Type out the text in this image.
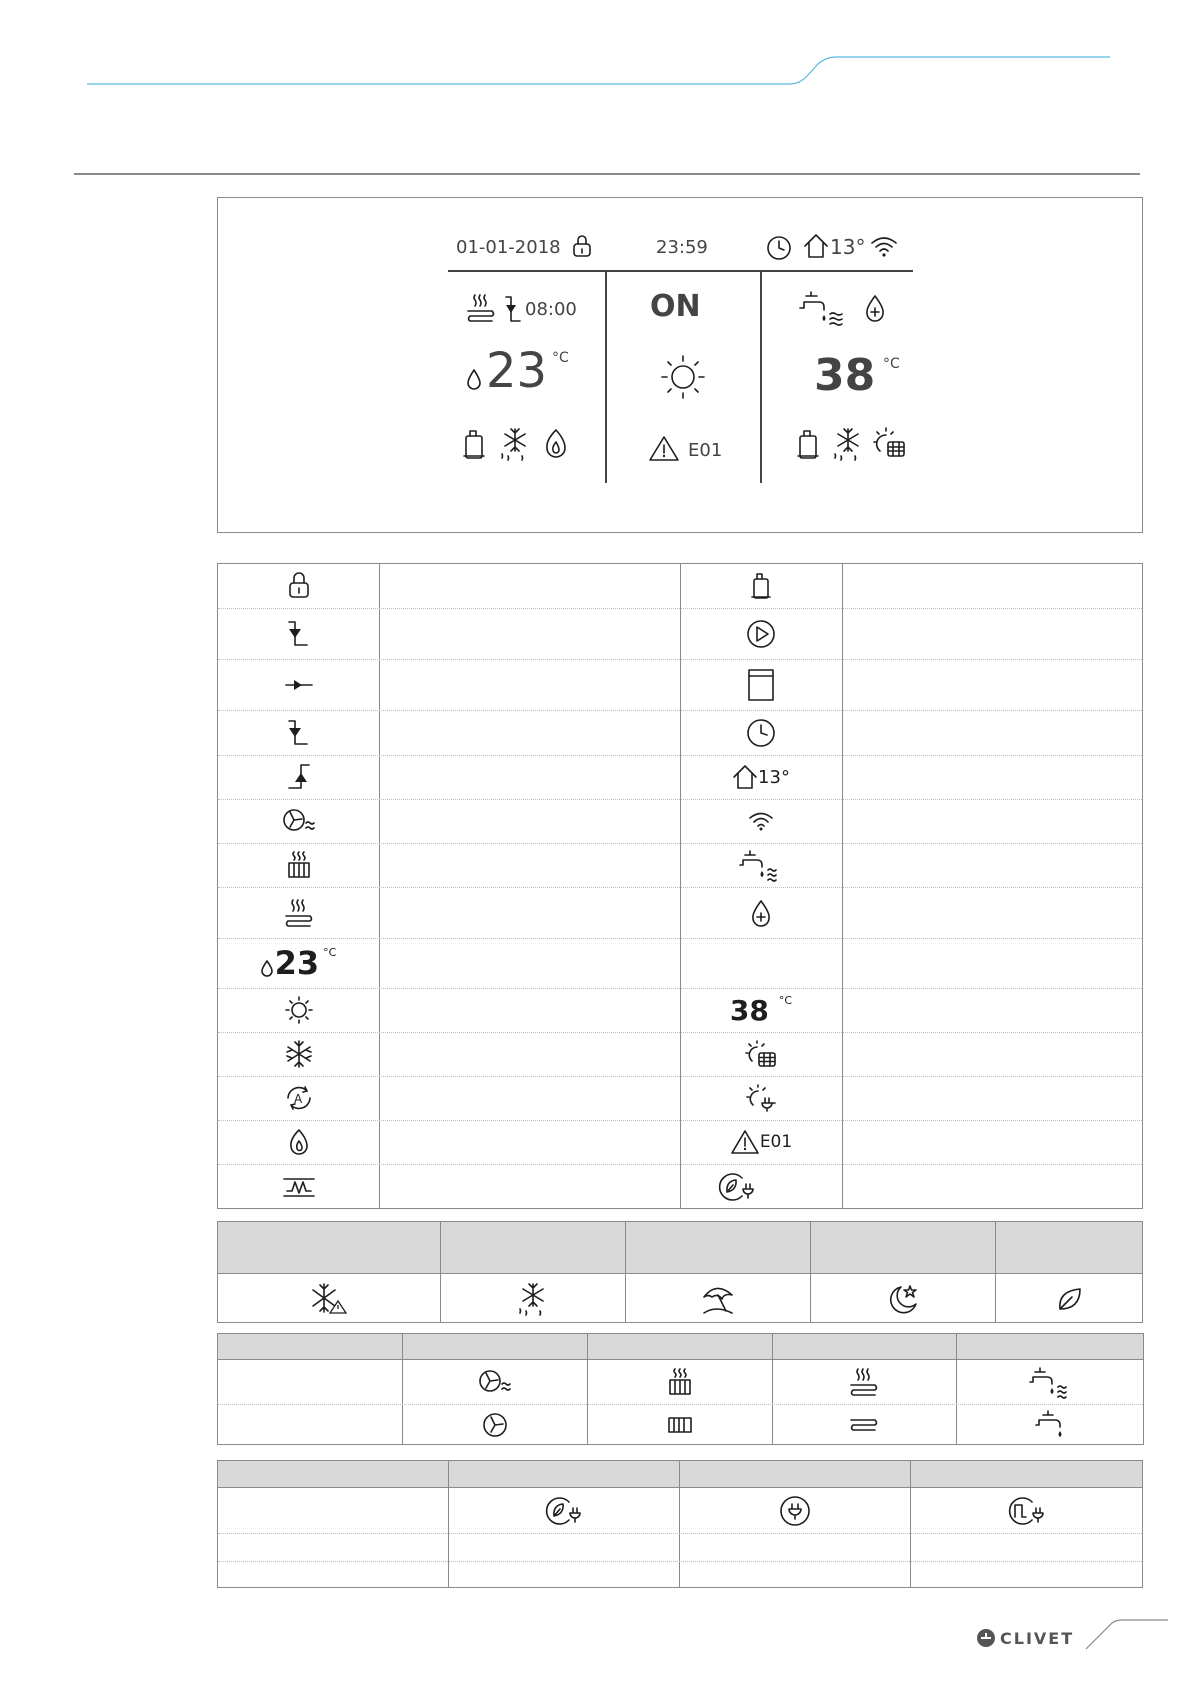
01-01-2018	23:59	13°
08:00
23 °C
ON
E01
38 °C
23 °C
A
13°
38 °C
E01
CLIVET
